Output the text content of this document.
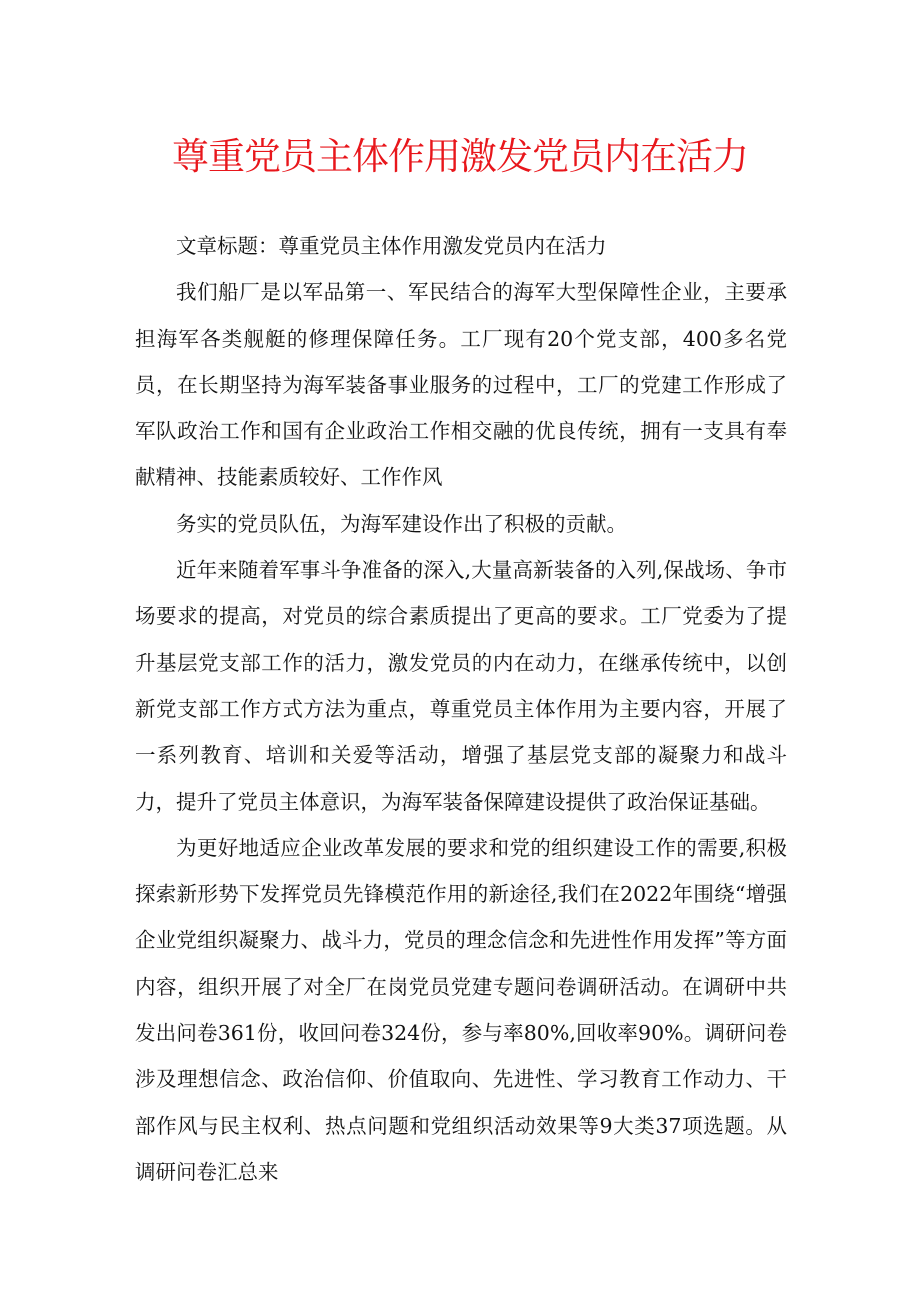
尊重党员主体作用激发党员内在活力

文章标题：尊重党员主体作用激发党员内在活力

我们船厂是以军品第一、军民结合的海军大型保障性企业，主要承担海军各类舰艇的修理保障任务。工厂现有20个党支部，400多名党员，在长期坚持为海军装备事业服务的过程中，工厂的党建工作形成了军队政治工作和国有企业政治工作相交融的优良传统，拥有一支具有奉献精神、技能素质较好、工作作风

务实的党员队伍，为海军建设作出了积极的贡献。

近年来随着军事斗争准备的深入,大量高新装备的入列,保战场、争市场要求的提高，对党员的综合素质提出了更高的要求。工厂党委为了提升基层党支部工作的活力，激发党员的内在动力，在继承传统中，以创新党支部工作方式方法为重点，尊重党员主体作用为主要内容，开展了一系列教育、培训和关爱等活动，增强了基层党支部的凝聚力和战斗力，提升了党员主体意识，为海军装备保障建设提供了政治保证基础。

为更好地适应企业改革发展的要求和党的组织建设工作的需要,积极探索新形势下发挥党员先锋模范作用的新途径,我们在2022年围绕“增强企业党组织凝聚力、战斗力，党员的理念信念和先进性作用发挥”等方面内容，组织开展了对全厂在岗党员党建专题问卷调研活动。在调研中共发出问卷361份，收回问卷324份，参与率80%,回收率90%。调研问卷涉及理想信念、政治信仰、价值取向、先进性、学习教育工作动力、干部作风与民主权利、热点问题和党组织活动效果等9大类37项选题。从调研问卷汇总来
